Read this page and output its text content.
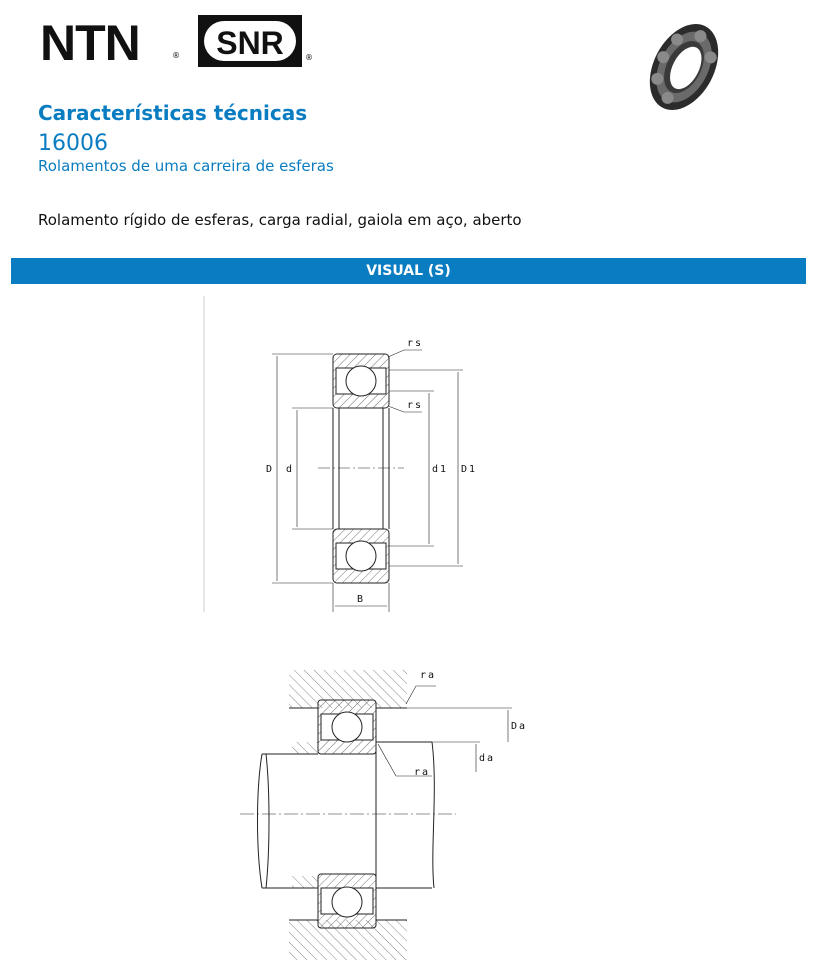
NTN	® SNR	®
Características técnicas
16006
Rolamentos de uma carreira de esferas
Rolamento rígido de esferas, carga radial, gaiola em aço, aberto
VISUAL (S)
rs
rs
D d	d1 D1
B
ra
Da
da
ra
